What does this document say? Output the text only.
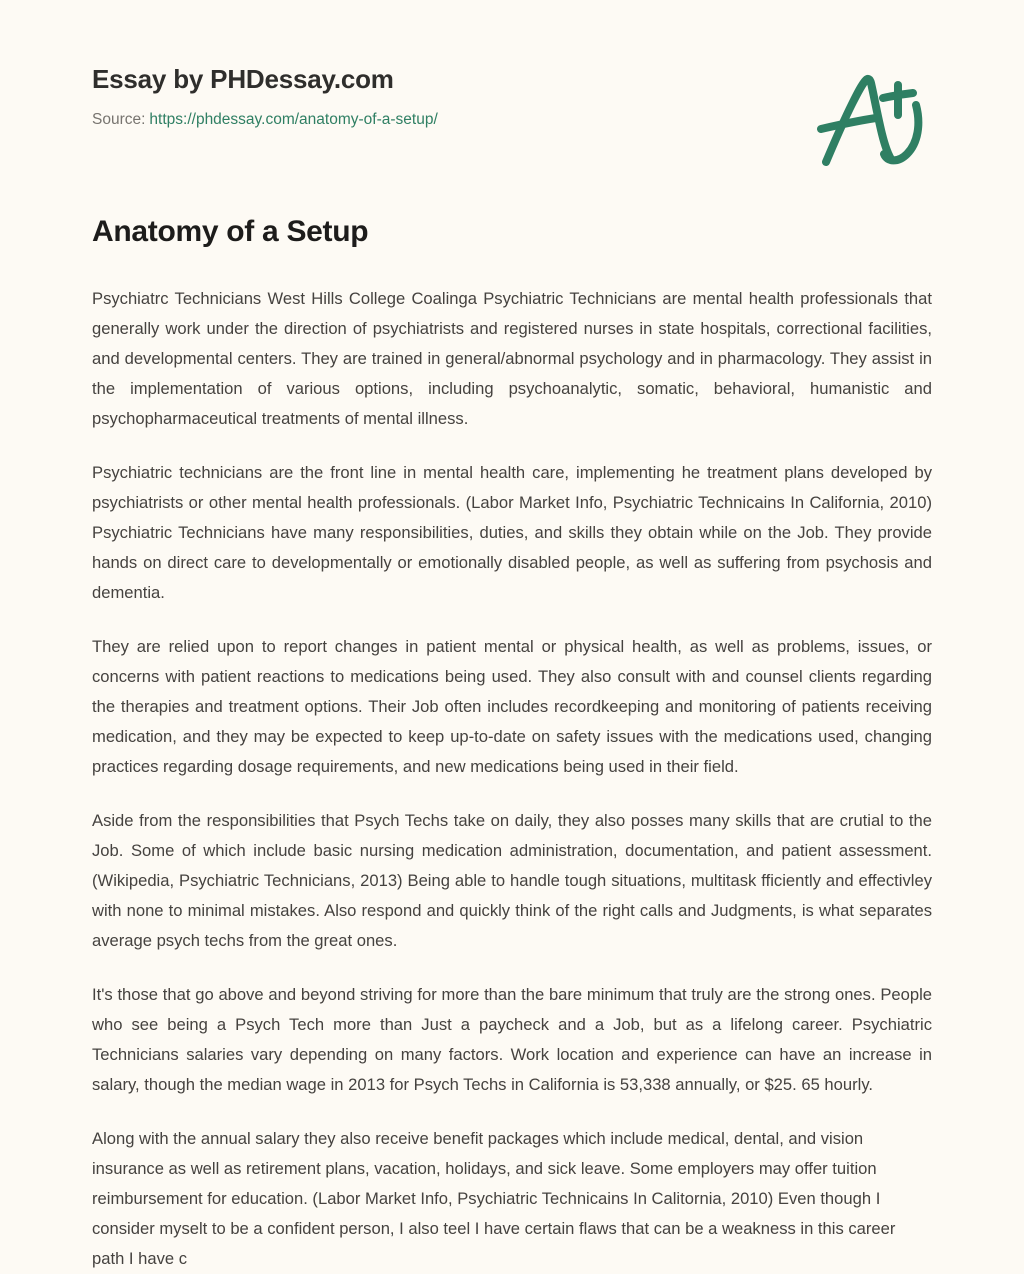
Essay by PHDessay.com
Source: https://phdessay.com/anatomy-of-a-setup/
Anatomy of a Setup

Psychiatrc Technicians West Hills College Coalinga Psychiatric Technicians are mental health professionals that generally work under the direction of psychiatrists and registered nurses in state hospitals, correctional facilities, and developmental centers. They are trained in general/abnormal psychology and in pharmacology. They assist in the implementation of various options, including psychoanalytic, somatic, behavioral, humanistic and psychopharmaceutical treatments of mental illness.

Psychiatric technicians are the front line in mental health care, implementing he treatment plans developed by psychiatrists or other mental health professionals. (Labor Market Info, Psychiatric Technicains In California, 2010) Psychiatric Technicians have many responsibilities, duties, and skills they obtain while on the Job. They provide hands on direct care to developmentally or emotionally disabled people, as well as suffering from psychosis and dementia.

They are relied upon to report changes in patient mental or physical health, as well as problems, issues, or concerns with patient reactions to medications being used. They also consult with and counsel clients regarding the therapies and treatment options. Their Job often includes recordkeeping and monitoring of patients receiving medication, and they may be expected to keep up-to-date on safety issues with the medications used, changing practices regarding dosage requirements, and new medications being used in their field.

Aside from the responsibilities that Psych Techs take on daily, they also posses many skills that are crutial to the Job. Some of which include basic nursing medication administration, documentation, and patient assessment. (Wikipedia, Psychiatric Technicians, 2013) Being able to handle tough situations, multitask fficiently and effectivley with none to minimal mistakes. Also respond and quickly think of the right calls and Judgments, is what separates average psych techs from the great ones.

It's those that go above and beyond striving for more than the bare minimum that truly are the strong ones. People who see being a Psych Tech more than Just a paycheck and a Job, but as a lifelong career. Psychiatric Technicians salaries vary depending on many factors. Work location and experience can have an increase in salary, though the median wage in 2013 for Psych Techs in California is 53,338 annually, or $25. 65 hourly.

Along with the annual salary they also receive benefit packages which include medical, dental, and vision insurance as well as retirement plans, vacation, holidays, and sick leave. Some employers may offer tuition reimbursement for education. (Labor Market Info, Psychiatric Technicains In Calitornia, 2010) Even though I consider myselt to be a confident person, I also teel I have certain flaws that can be a weakness in this career path I have c
